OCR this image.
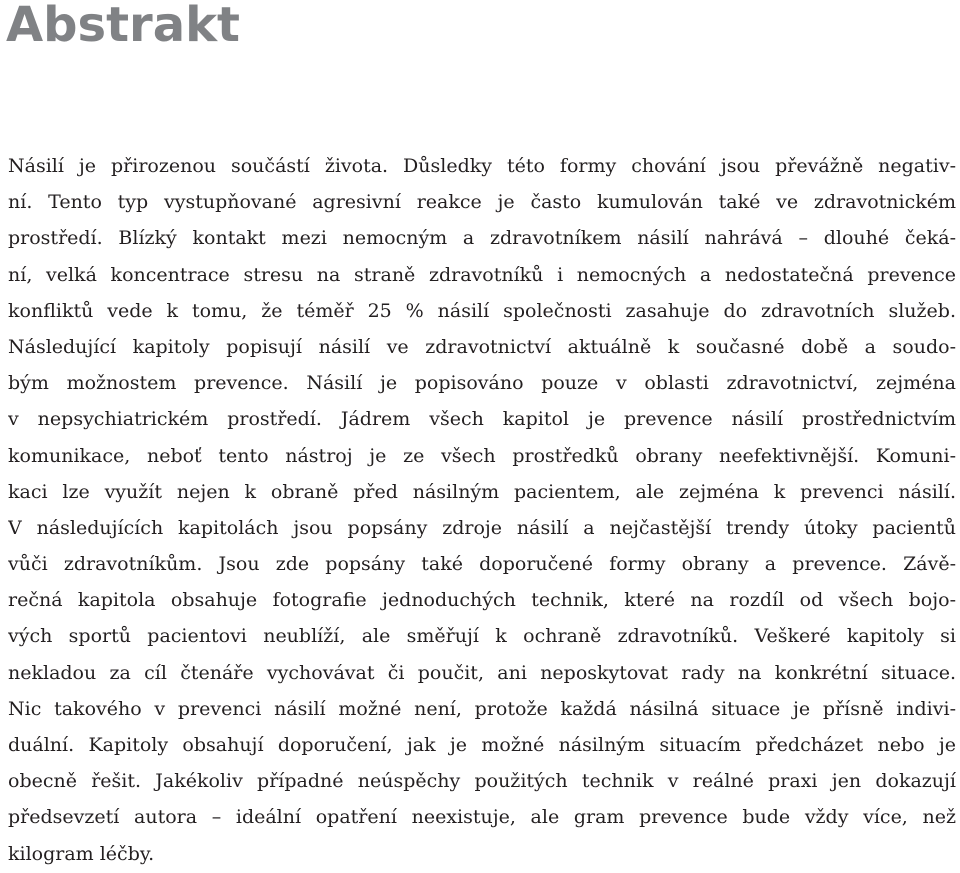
Abstrakt
Násilí je přirozenou součástí života. Důsledky této formy chování jsou převážně negativ-
ní. Tento typ vystupňované agresivní reakce je často kumulován také ve zdravotnickém
prostředí. Blízký kontakt mezi nemocným a zdravotníkem násilí nahrává – dlouhé čeká-
ní, velká koncentrace stresu na straně zdravotníků i nemocných a nedostatečná prevence
konfliktů vede k tomu, že téměř 25 % násilí společnosti zasahuje do zdravotních služeb.
Následující kapitoly popisují násilí ve zdravotnictví aktuálně k současné době a soudo-
bým možnostem prevence. Násilí je popisováno pouze v oblasti zdravotnictví, zejména
v nepsychiatrickém prostředí. Jádrem všech kapitol je prevence násilí prostřednictvím
komunikace, neboť tento nástroj je ze všech prostředků obrany neefektivnější. Komuni-
kaci lze využít nejen k obraně před násilným pacientem, ale zejména k prevenci násilí.
V následujících kapitolách jsou popsány zdroje násilí a nejčastější trendy útoky pacientů
vůči zdravotníkům. Jsou zde popsány také doporučené formy obrany a prevence. Závě-
rečná kapitola obsahuje fotografie jednoduchých technik, které na rozdíl od všech bojo-
vých sportů pacientovi neublíží, ale směřují k ochraně zdravotníků. Veškeré kapitoly si
nekladou za cíl čtenáře vychovávat či poučit, ani neposkytovat rady na konkrétní situace.
Nic takového v prevenci násilí možné není, protože každá násilná situace je přísně indivi-
duální. Kapitoly obsahují doporučení, jak je možné násilným situacím předcházet nebo je
obecně řešit. Jakékoliv případné neúspěchy použitých technik v reálné praxi jen dokazují
předsevzetí autora – ideální opatření neexistuje, ale gram prevence bude vždy více, než
kilogram léčby.
